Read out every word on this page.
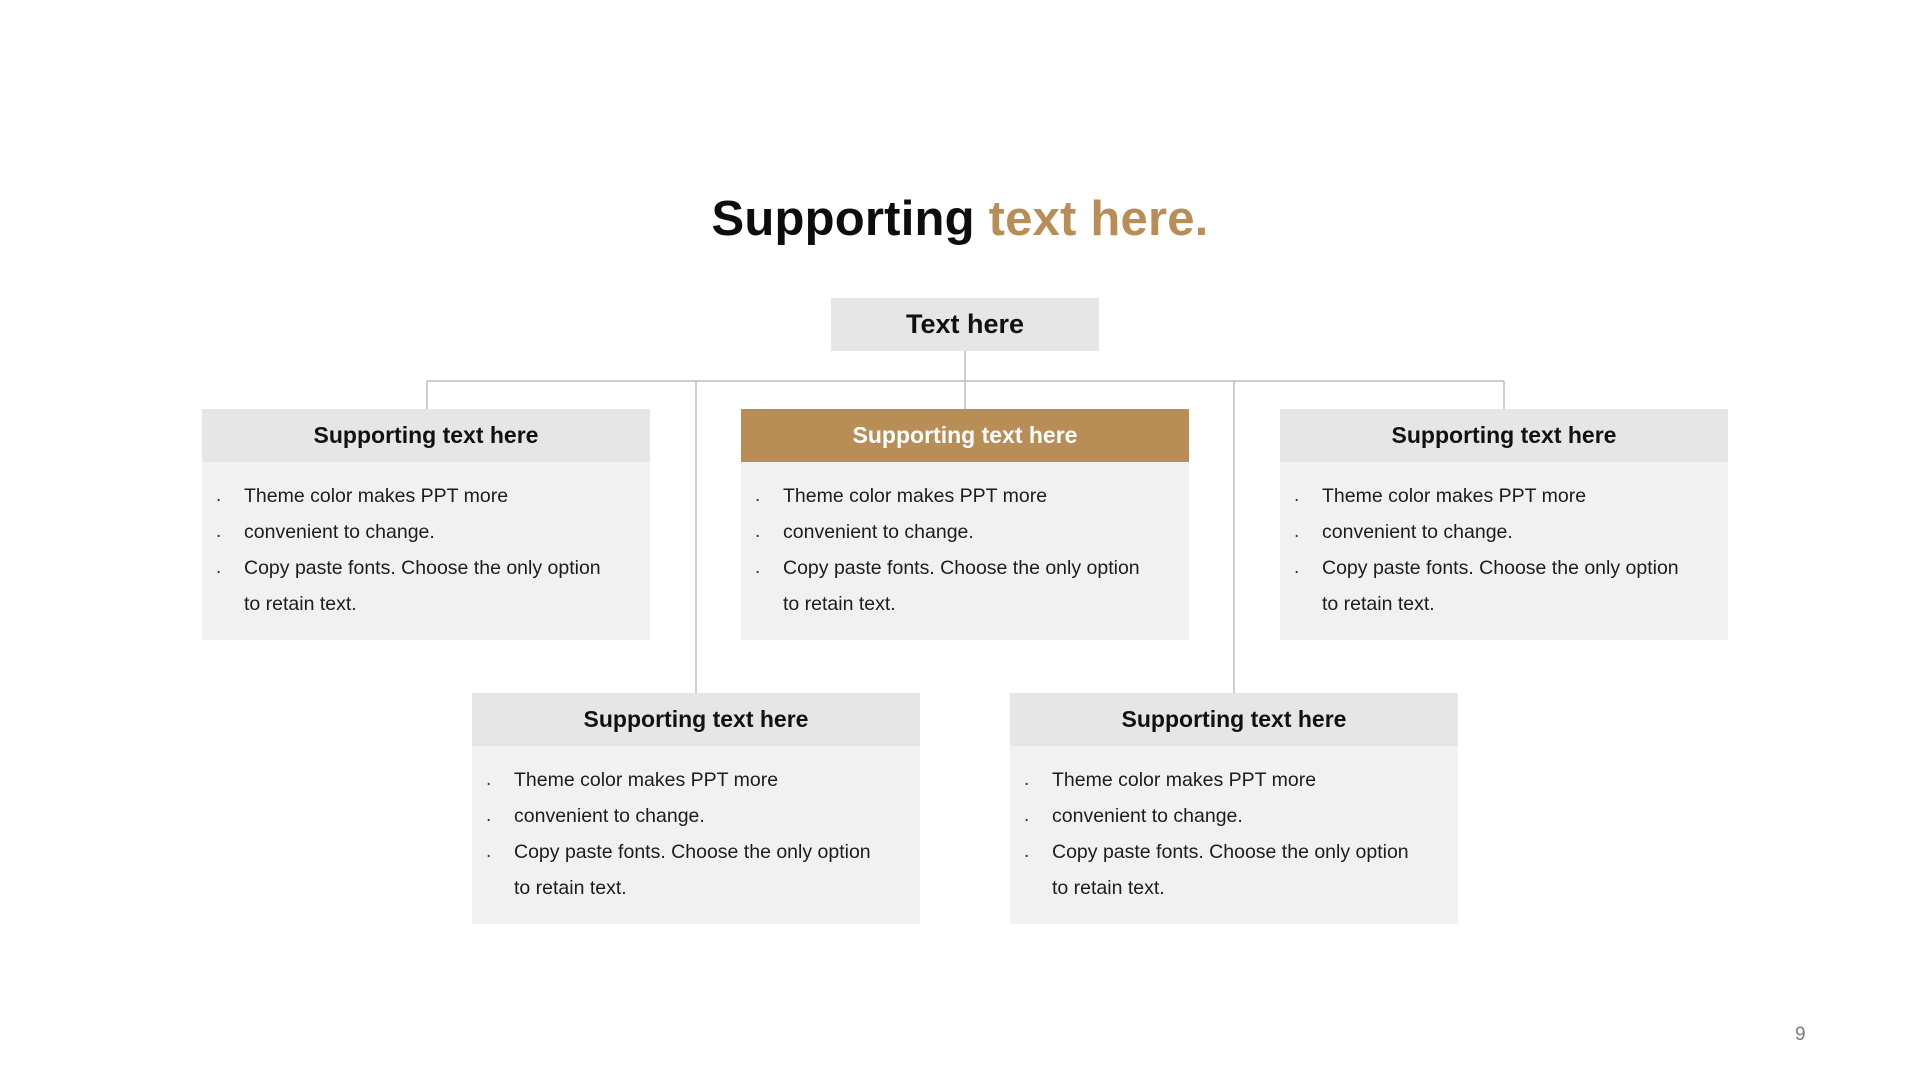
Supporting text here.
Text here
Supporting text here
. Theme color makes PPT more
. convenient to change.
. Copy paste fonts. Choose the only option
to retain text.
Supporting text here
. Theme color makes PPT more
. convenient to change.
. Copy paste fonts. Choose the only option
to retain text.
Supporting text here
. Theme color makes PPT more
. convenient to change.
. Copy paste fonts. Choose the only option
to retain text.
Supporting text here
. Theme color makes PPT more
. convenient to change.
. Copy paste fonts. Choose the only option
to retain text.
Supporting text here
. Theme color makes PPT more
. convenient to change.
. Copy paste fonts. Choose the only option
to retain text.
9
